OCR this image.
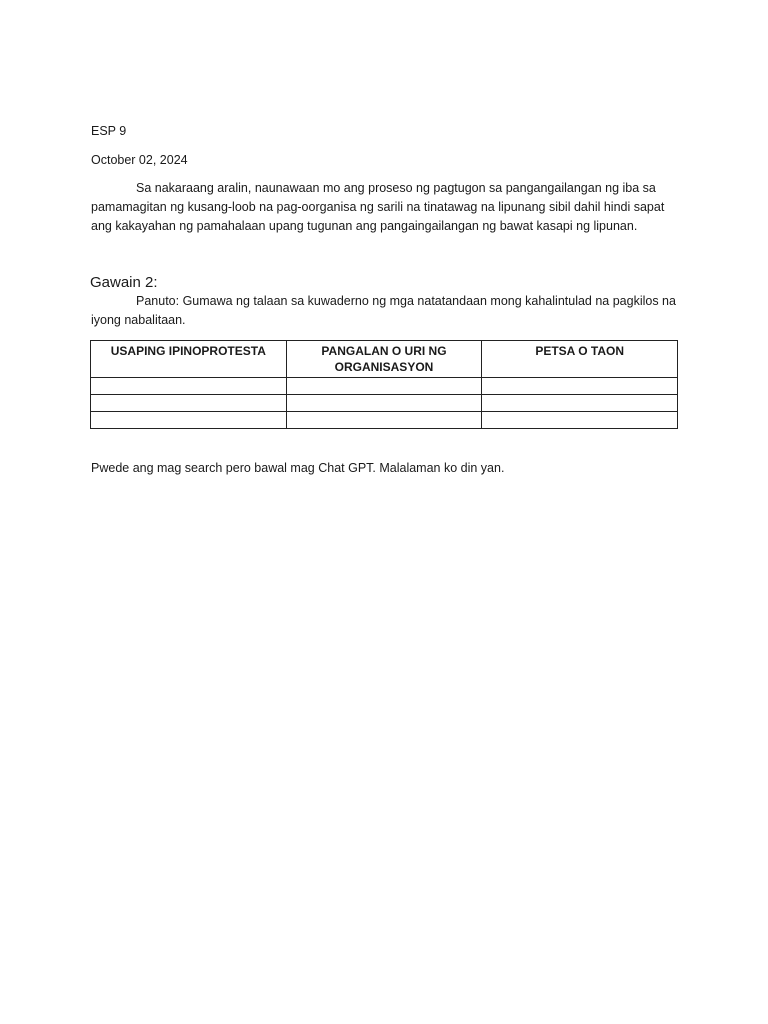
ESP 9

October 02, 2024

Sa nakaraang aralin, naunawaan mo ang proseso ng pagtugon sa pangangailangan ng iba sa pamamagitan ng kusang-loob na pag-oorganisa ng sarili na tinatawag na lipunang sibil dahil hindi sapat ang kakayahan ng pamahalaan upang tugunan ang pangaingailangan ng bawat kasapi ng lipunan.

Gawain 2:

Panuto: Gumawa ng talaan sa kuwaderno ng mga natatandaan mong kahalintulad na pagkilos na iyong nabalitaan.

USAPING IPINOPROTESTA	PANGALAN O URI NG ORGANISASYON	PETSA O TAON

Pwede ang mag search pero bawal mag Chat GPT. Malalaman ko din yan.
